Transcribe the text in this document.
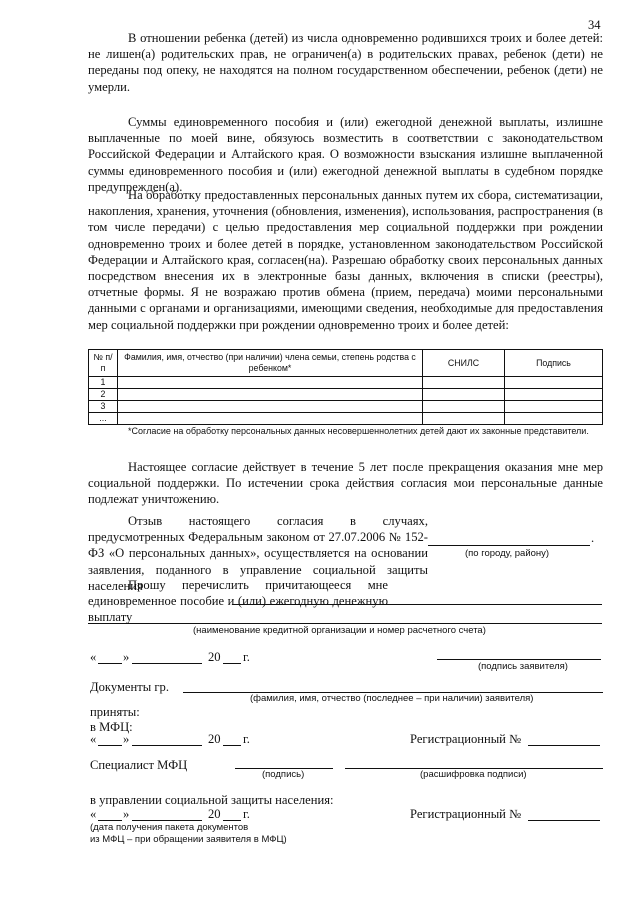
34
В отношении ребенка (детей) из числа одновременно родившихся троих и более детей: не лишен(а) родительских прав, не ограничен(а) в родительских правах, ребенок (дети) не переданы под опеку, не находятся на полном государственном обеспечении, ребенок (дети) не умерли.
Суммы единовременного пособия и (или) ежегодной денежной выплаты, излишне выплаченные по моей вине, обязуюсь возместить в соответствии с законодательством Российской Федерации и Алтайского края. О возможности взыскания излишне выплаченной суммы единовременного пособия и (или) ежегодной денежной выплаты в судебном порядке предупрежден(а).
На обработку предоставленных персональных данных путем их сбора, систематизации, накопления, хранения, уточнения (обновления, изменения), использования, распространения (в том числе передачи) с целью предоставления мер социальной поддержки при рождении одновременно троих и более детей в порядке, установленном законодательством Российской Федерации и Алтайского края, согласен(на). Разрешаю обработку своих персональных данных посредством внесения их в электронные базы данных, включения в списки (реестры), отчетные формы. Я не возражаю против обмена (прием, передача) моими персональными данными с органами и организациями, имеющими сведения, необходимые для предоставления мер социальной поддержки при рождении одновременно троих и более детей:
№ п/п	Фамилия, имя, отчество (при наличии) члена семьи, степень родства с ребенком*	СНИЛС	Подпись
1			
2			
3			
...			
*Согласие на обработку персональных данных несовершеннолетних детей дают их законные представители.
Настоящее согласие действует в течение 5 лет после прекращения оказания мне мер социальной поддержки. По истечении срока действия согласия мои персональные данные подлежат уничтожению.
Отзыв настоящего согласия в случаях, предусмотренных Федеральным законом от 27.07.2006 № 152-ФЗ «О персональных данных», осуществляется на основании заявления, поданного в управление социальной защиты населения
.
(по городу, району)
Прошу перечислить причитающееся мне единовременное пособие и (или) ежегодную денежную выплату
(наименование кредитной организации и номер расчетного счета)
« »	20 г.
(подпись заявителя)
Документы гр.
(фамилия, имя, отчество (последнее – при наличии) заявителя)
приняты:
в МФЦ:
« »	20 г.	Регистрационный №
Специалист МФЦ
(подпись)	(расшифровка подписи)
в управлении социальной защиты населения:
« »	20 г.	Регистрационный №
(дата получения пакета документов
из МФЦ – при обращении заявителя в МФЦ)
